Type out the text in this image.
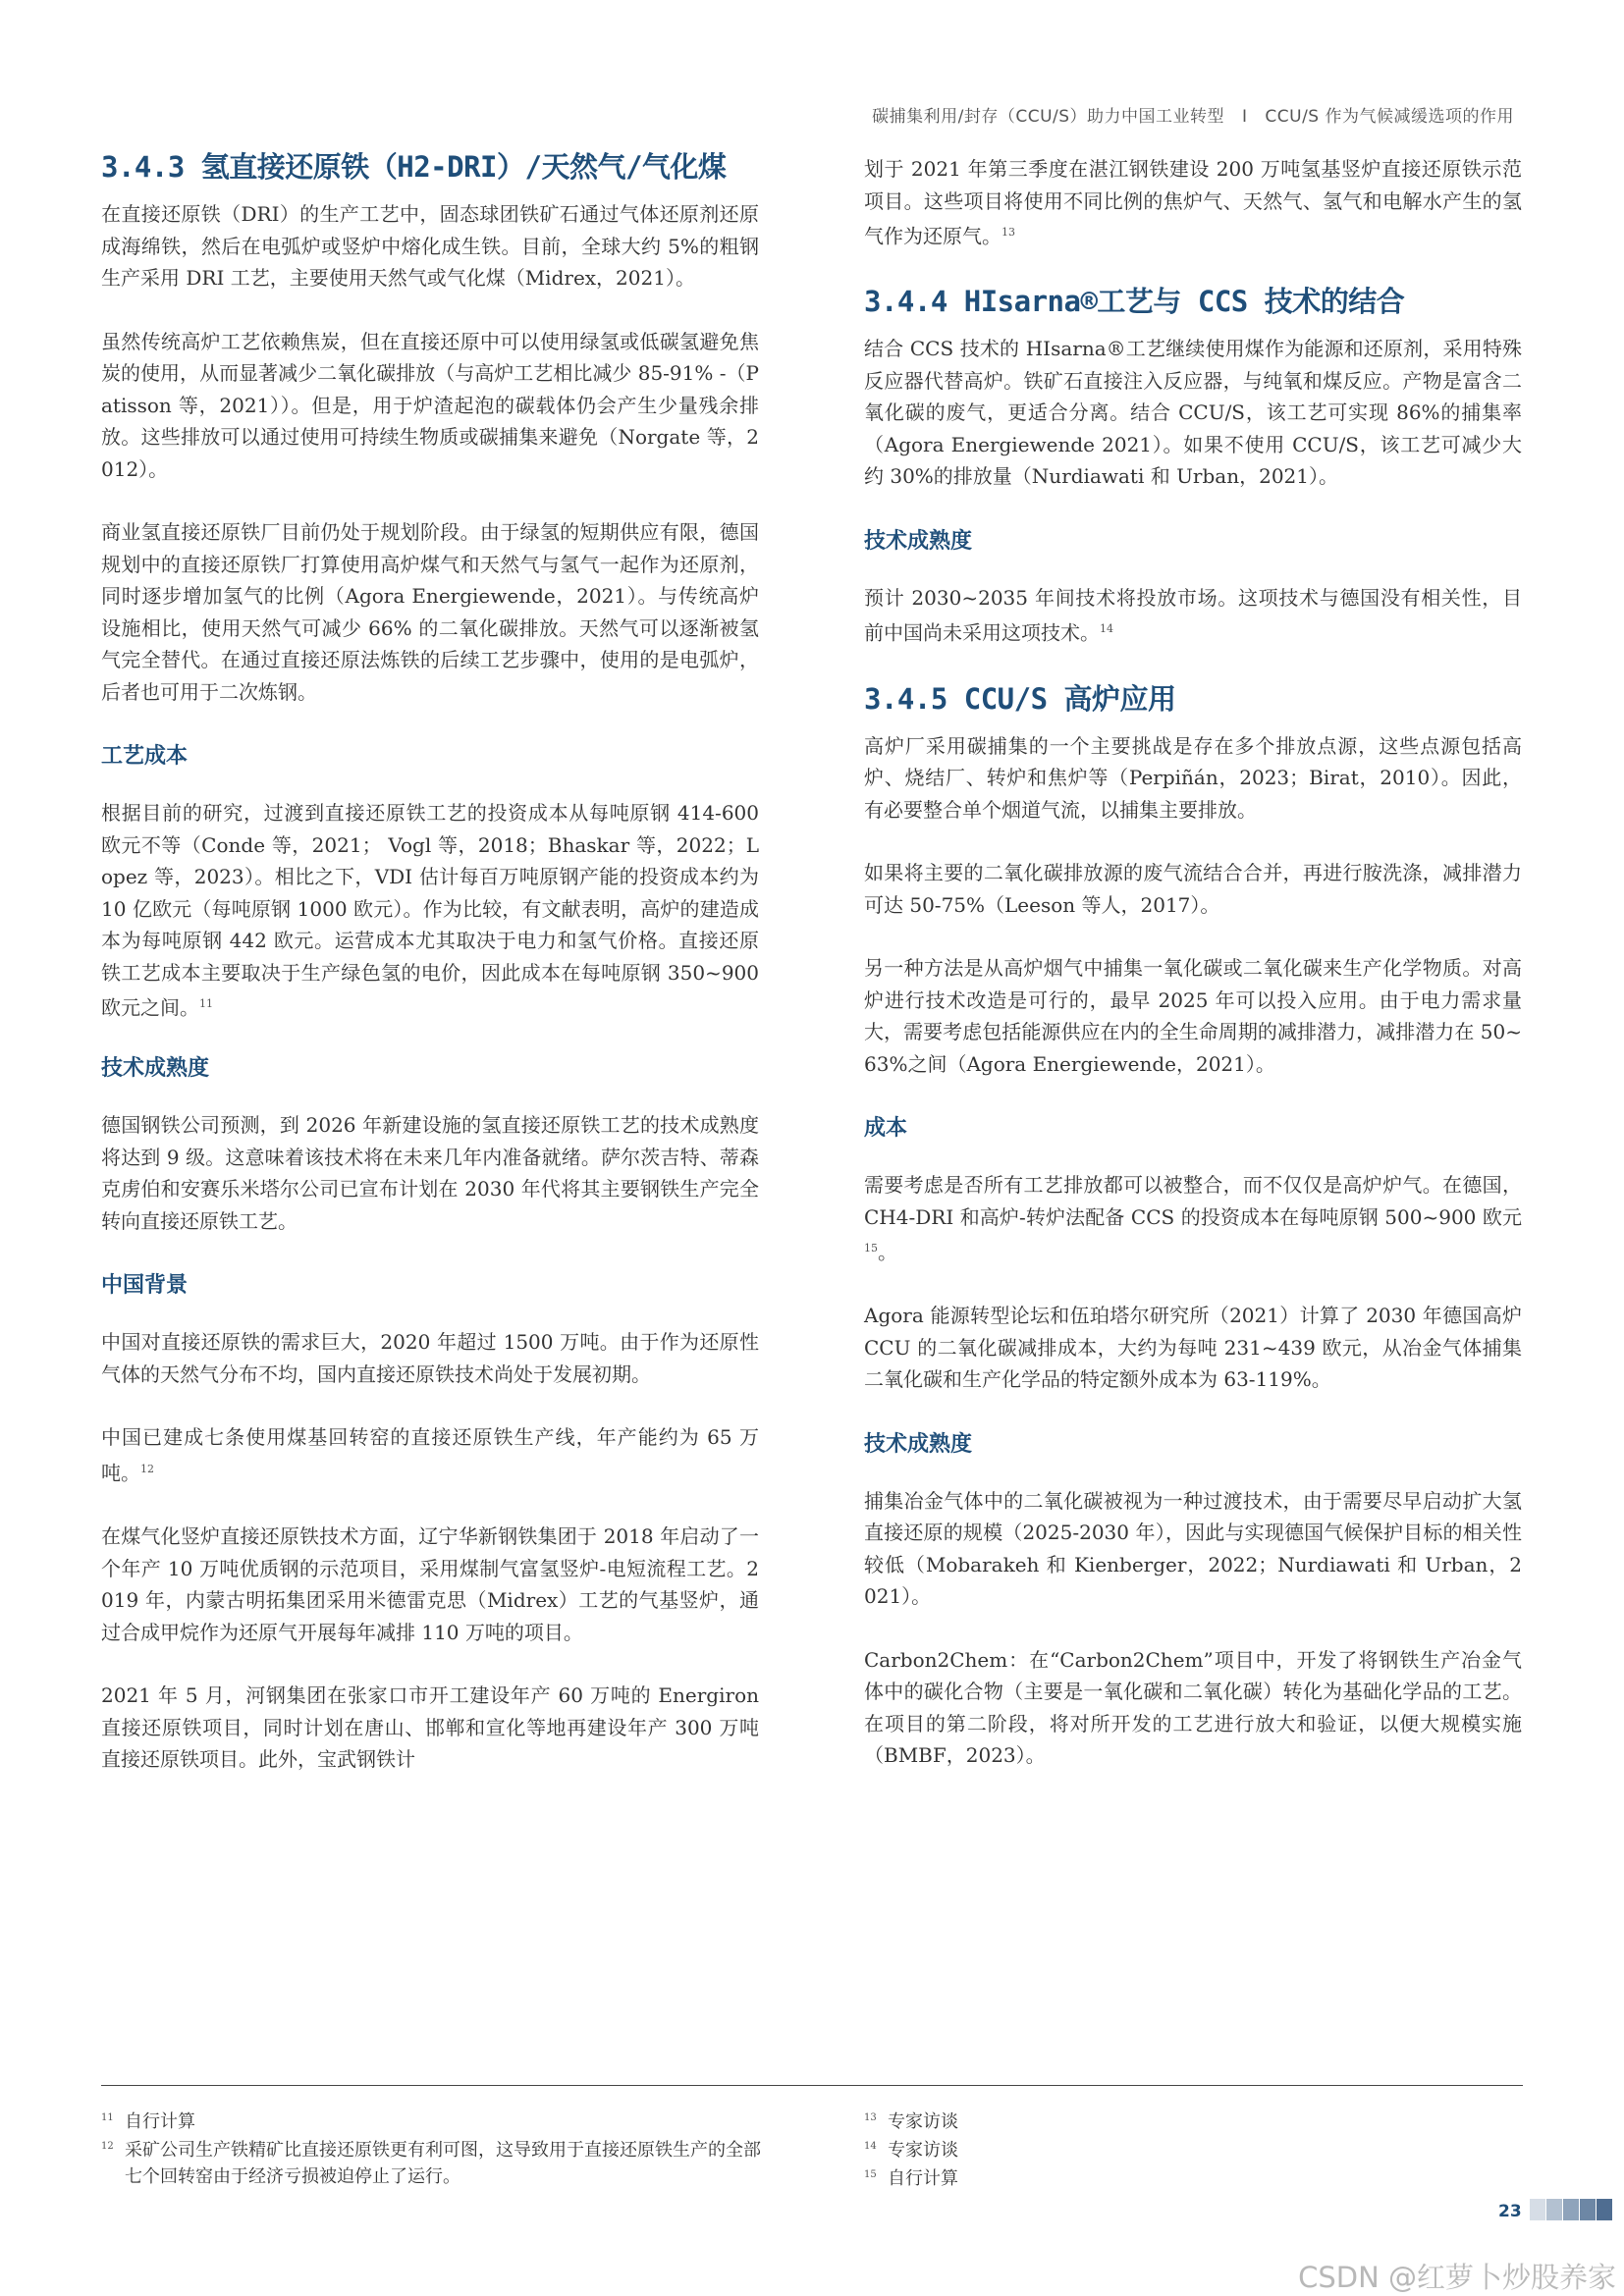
碳捕集利用/封存（CCU/S）助力中国工业转型 I CCU/S 作为气候减缓选项的作用
3.4.3 氢直接还原铁（H2-DRI）/天然气/气化煤

在直接还原铁（DRI）的生产工艺中，固态球团铁矿石通过气体还原剂还原成海绵铁，然后在电弧炉或竖炉中熔化成生铁。目前，全球大约 5%的粗钢生产采用 DRI 工艺，主要使用天然气或气化煤（Midrex，2021）。

虽然传统高炉工艺依赖焦炭，但在直接还原中可以使用绿氢或低碳氢避免焦炭的使用，从而显著减少二氧化碳排放（与高炉工艺相比减少 85-91% -（Patisson 等，2021））。但是，用于炉渣起泡的碳载体仍会产生少量残余排放。这些排放可以通过使用可持续生物质或碳捕集来避免（Norgate 等，2012）。

商业氢直接还原铁厂目前仍处于规划阶段。由于绿氢的短期供应有限，德国规划中的直接还原铁厂打算使用高炉煤气和天然气与氢气一起作为还原剂，同时逐步增加氢气的比例（Agora Energiewende，2021）。与传统高炉设施相比，使用天然气可减少 66% 的二氧化碳排放。天然气可以逐渐被氢气完全替代。在通过直接还原法炼铁的后续工艺步骤中，使用的是电弧炉，后者也可用于二次炼钢。

工艺成本

根据目前的研究，过渡到直接还原铁工艺的投资成本从每吨原钢 414-600 欧元不等（Conde 等，2021； Vogl 等，2018；Bhaskar 等，2022；Lopez 等，2023）。相比之下，VDI 估计每百万吨原钢产能的投资成本约为 10 亿欧元（每吨原钢 1000 欧元）。作为比较，有文献表明，高炉的建造成本为每吨原钢 442 欧元。运营成本尤其取决于电力和氢气价格。直接还原铁工艺成本主要取决于生产绿色氢的电价，因此成本在每吨原钢 350~900 欧元之间。$^{11}$

技术成熟度

德国钢铁公司预测，到 2026 年新建设施的氢直接还原铁工艺的技术成熟度将达到 9 级。这意味着该技术将在未来几年内准备就绪。萨尔茨吉特、蒂森克虏伯和安赛乐米塔尔公司已宣布计划在 2030 年代将其主要钢铁生产完全转向直接还原铁工艺。

中国背景

中国对直接还原铁的需求巨大，2020 年超过 1500 万吨。由于作为还原性气体的天然气分布不均，国内直接还原铁技术尚处于发展初期。

中国已建成七条使用煤基回转窑的直接还原铁生产线，年产能约为 65 万吨。$^{12}$

在煤气化竖炉直接还原铁技术方面，辽宁华新钢铁集团于 2018 年启动了一个年产 10 万吨优质钢的示范项目，采用煤制气富氢竖炉-电短流程工艺。2019 年，内蒙古明拓集团采用米德雷克思（Midrex）工艺的气基竖炉，通过合成甲烷作为还原气开展每年减排 110 万吨的项目。

2021 年 5 月，河钢集团在张家口市开工建设年产 60 万吨的 Energiron 直接还原铁项目，同时计划在唐山、邯郸和宣化等地再建设年产 300 万吨直接还原铁项目。此外，宝武钢铁计

划于 2021 年第三季度在湛江钢铁建设 200 万吨氢基竖炉直接还原铁示范项目。这些项目将使用不同比例的焦炉气、天然气、氢气和电解水产生的氢气作为还原气。$^{13}$

3.4.4 HIsarna®工艺与 CCS 技术的结合

结合 CCS 技术的 HIsarna®工艺继续使用煤作为能源和还原剂，采用特殊反应器代替高炉。铁矿石直接注入反应器，与纯氧和煤反应。产物是富含二氧化碳的废气，更适合分离。结合 CCU/S，该工艺可实现 86%的捕集率（Agora Energiewende 2021）。如果不使用 CCU/S，该工艺可减少大约 30%的排放量（Nurdiawati 和 Urban，2021）。

技术成熟度

预计 2030~2035 年间技术将投放市场。这项技术与德国没有相关性，目前中国尚未采用这项技术。$^{14}$

3.4.5 CCU/S 高炉应用

高炉厂采用碳捕集的一个主要挑战是存在多个排放点源，这些点源包括高炉、烧结厂、转炉和焦炉等（Perpiñán，2023；Birat，2010）。因此，有必要整合单个烟道气流，以捕集主要排放。

如果将主要的二氧化碳排放源的废气流结合合并，再进行胺洗涤，减排潜力可达 50-75%（Leeson 等人，2017）。

另一种方法是从高炉烟气中捕集一氧化碳或二氧化碳来生产化学物质。对高炉进行技术改造是可行的，最早 2025 年可以投入应用。由于电力需求量大，需要考虑包括能源供应在内的全生命周期的减排潜力，减排潜力在 50~63%之间（Agora Energiewende，2021）。

成本

需要考虑是否所有工艺排放都可以被整合，而不仅仅是高炉炉气。在德国，CH4-DRI 和高炉-转炉法配备 CCS 的投资成本在每吨原钢 500~900 欧元$^{15}$。

Agora 能源转型论坛和伍珀塔尔研究所（2021）计算了 2030 年德国高炉 CCU 的二氧化碳减排成本，大约为每吨 231~439 欧元，从冶金气体捕集二氧化碳和生产化学品的特定额外成本为 63-119%。

技术成熟度

捕集冶金气体中的二氧化碳被视为一种过渡技术，由于需要尽早启动扩大氢直接还原的规模（2025-2030 年），因此与实现德国气候保护目标的相关性较低（Mobarakeh 和 Kienberger，2022；Nurdiawati 和 Urban，2021）。

Carbon2Chem：在“Carbon2Chem”项目中，开发了将钢铁生产冶金气体中的碳化合物（主要是一氧化碳和二氧化碳）转化为基础化学品的工艺。在项目的第二阶段，将对所开发的工艺进行放大和验证，以便大规模实施 （BMBF，2023）。

11 自行计算
12 采矿公司生产铁精矿比直接还原铁更有利可图，这导致用于直接还原铁生产的全部七个回转窑由于经济亏损被迫停止了运行。
13 专家访谈
14 专家访谈
15 自行计算
23
CSDN @红萝卜炒股养家
